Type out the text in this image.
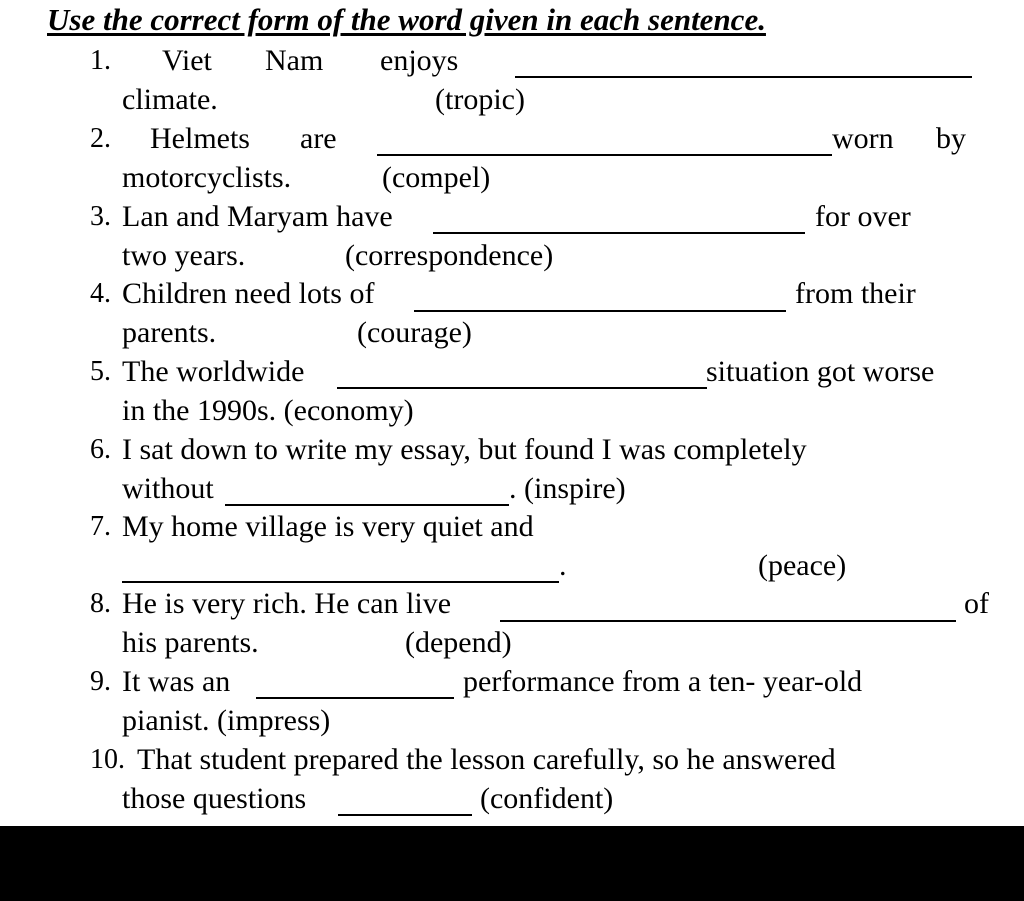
Use the correct form of the word given in each sentence.
1. Viet Nam enjoys
climate.	(tropic)
2. Helmets are	worn by
motorcyclists.	(compel)
3. Lan and Maryam have	for over
two years.	(correspondence)
4. Children need lots of	from their
parents.	(courage)
5. The worldwide	situation got worse
in the 1990s. (economy)
6. I sat down to write my essay, but found I was completely
without	. (inspire)
7. My home village is very quiet and
.	(peace)
8. He is very rich. He can live	of
his parents.	(depend)
9. It was an	performance from a ten- year-old
pianist. (impress)
10. That student prepared the lesson carefully, so he answered
those questions	(confident)
